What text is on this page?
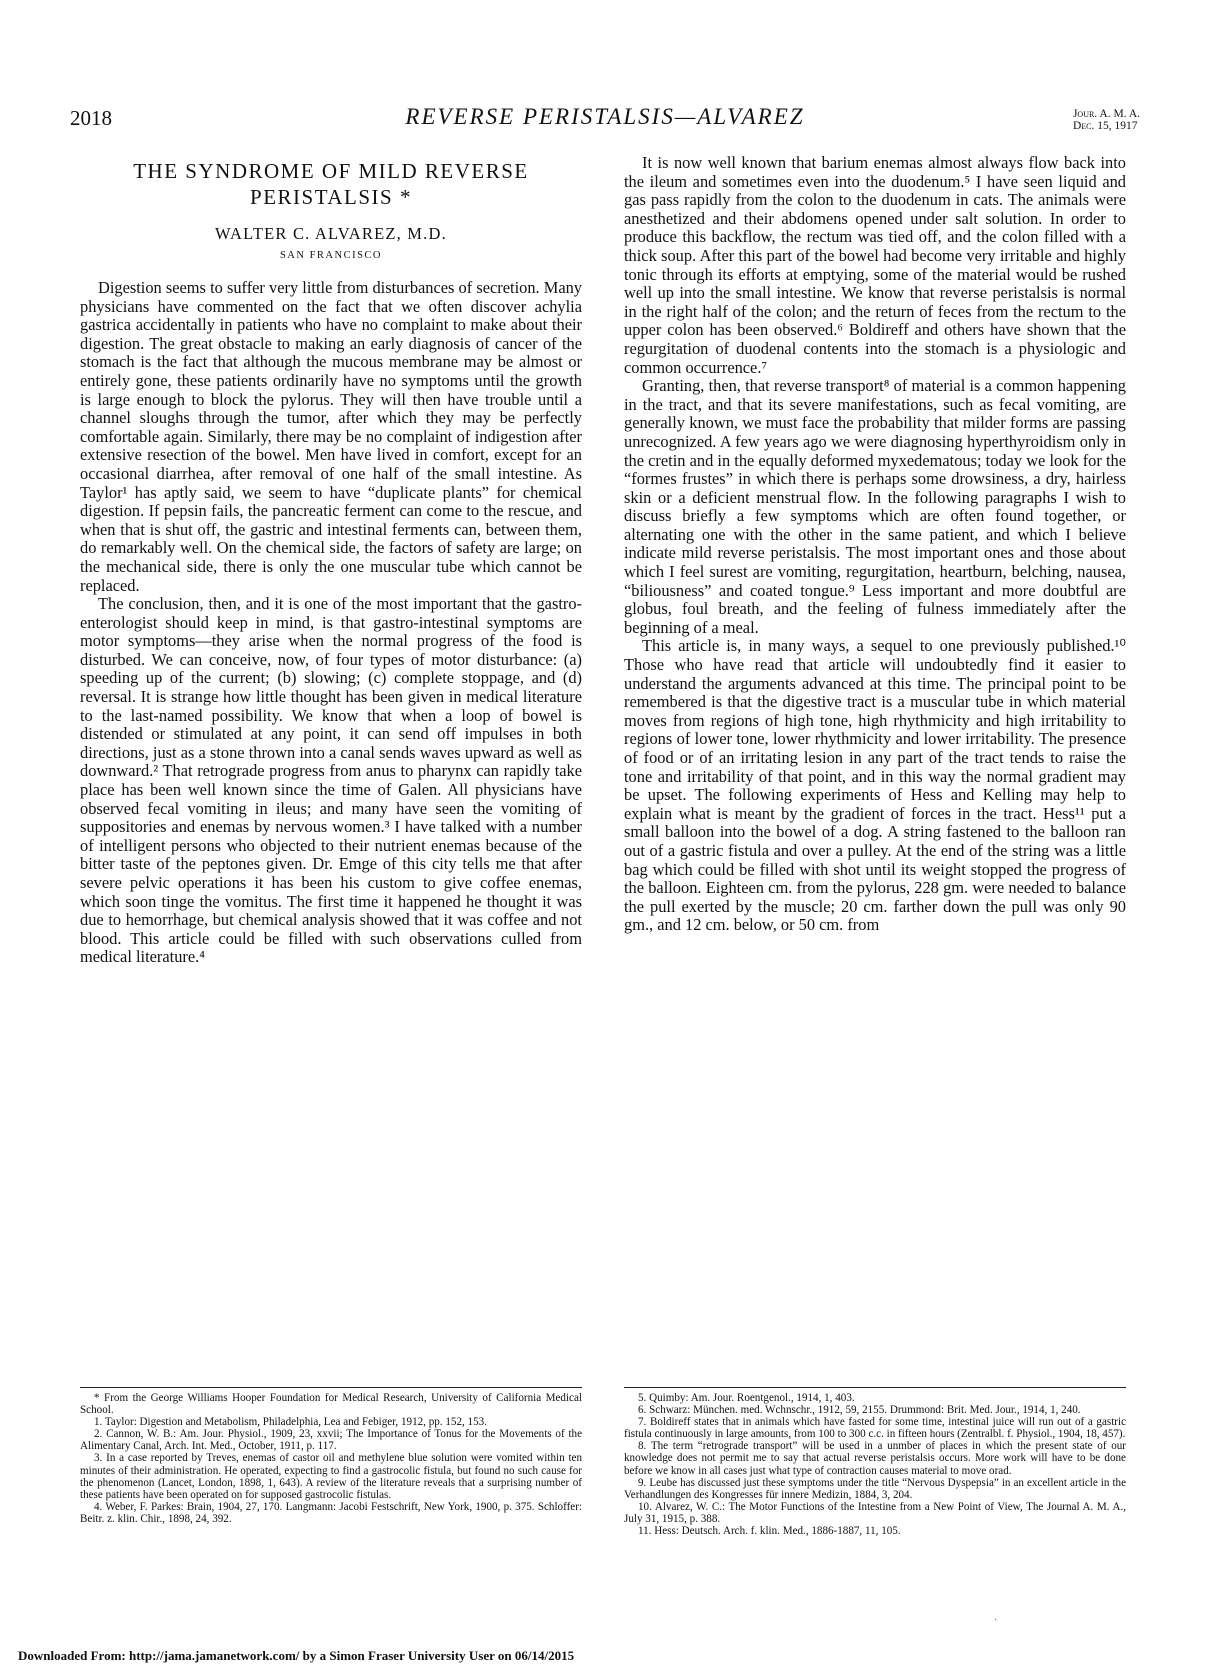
2018	REVERSE PERISTALSIS—ALVAREZ	Jour. A. M. A.
Dec. 15, 1917
THE SYNDROME OF MILD REVERSE
PERISTALSIS *
WALTER C. ALVAREZ, M.D.
SAN FRANCISCO

Digestion seems to suffer very little from disturbances of secretion. Many physicians have commented on the fact that we often discover achylia gastrica accidentally in patients who have no complaint to make about their digestion. The great obstacle to making an early diagnosis of cancer of the stomach is the fact that although the mucous membrane may be almost or entirely gone, these patients ordinarily have no symptoms until the growth is large enough to block the pylorus. They will then have trouble until a channel sloughs through the tumor, after which they may be perfectly comfortable again. Similarly, there may be no complaint of indigestion after extensive resection of the bowel. Men have lived in comfort, except for an occasional diarrhea, after removal of one half of the small intestine. As Taylor¹ has aptly said, we seem to have “duplicate plants” for chemical digestion. If pepsin fails, the pancreatic ferment can come to the rescue, and when that is shut off, the gastric and intestinal ferments can, between them, do remarkably well. On the chemical side, the factors of safety are large; on the mechanical side, there is only the one muscular tube which cannot be replaced.

The conclusion, then, and it is one of the most important that the gastro-enterologist should keep in mind, is that gastro-intestinal symptoms are motor symptoms—they arise when the normal progress of the food is disturbed. We can conceive, now, of four types of motor disturbance: (a) speeding up of the current; (b) slowing; (c) complete stoppage, and (d) reversal. It is strange how little thought has been given in medical literature to the last-named possibility. We know that when a loop of bowel is distended or stimulated at any point, it can send off impulses in both directions, just as a stone thrown into a canal sends waves upward as well as downward.² That retrograde progress from anus to pharynx can rapidly take place has been well known since the time of Galen. All physicians have observed fecal vomiting in ileus; and many have seen the vomiting of suppositories and enemas by nervous women.³ I have talked with a number of intelligent persons who objected to their nutrient enemas because of the bitter taste of the peptones given. Dr. Emge of this city tells me that after severe pelvic operations it has been his custom to give coffee enemas, which soon tinge the vomitus. The first time it happened he thought it was due to hemorrhage, but chemical analysis showed that it was coffee and not blood. This article could be filled with such observations culled from medical literature.⁴

It is now well known that barium enemas almost always flow back into the ileum and sometimes even into the duodenum.⁵ I have seen liquid and gas pass rapidly from the colon to the duodenum in cats. The animals were anesthetized and their abdomens opened under salt solution. In order to produce this backflow, the rectum was tied off, and the colon filled with a thick soup. After this part of the bowel had become very irritable and highly tonic through its efforts at emptying, some of the material would be rushed well up into the small intestine. We know that reverse peristalsis is normal in the right half of the colon; and the return of feces from the rectum to the upper colon has been observed.⁶ Boldireff and others have shown that the regurgitation of duodenal contents into the stomach is a physiologic and common occurrence.⁷

Granting, then, that reverse transport⁸ of material is a common happening in the tract, and that its severe manifestations, such as fecal vomiting, are generally known, we must face the probability that milder forms are passing unrecognized. A few years ago we were diagnosing hyperthyroidism only in the cretin and in the equally deformed myxedematous; today we look for the “formes frustes” in which there is perhaps some drowsiness, a dry, hairless skin or a deficient menstrual flow. In the following paragraphs I wish to discuss briefly a few symptoms which are often found together, or alternating one with the other in the same patient, and which I believe indicate mild reverse peristalsis. The most important ones and those about which I feel surest are vomiting, regurgitation, heartburn, belching, nausea, “biliousness” and coated tongue.⁹ Less important and more doubtful are globus, foul breath, and the feeling of fulness immediately after the beginning of a meal.

This article is, in many ways, a sequel to one previously published.¹⁰ Those who have read that article will undoubtedly find it easier to understand the arguments advanced at this time. The principal point to be remembered is that the digestive tract is a muscular tube in which material moves from regions of high tone, high rhythmicity and high irritability to regions of lower tone, lower rhythmicity and lower irritability. The presence of food or of an irritating lesion in any part of the tract tends to raise the tone and irritability of that point, and in this way the normal gradient may be upset. The following experiments of Hess and Kelling may help to explain what is meant by the gradient of forces in the tract. Hess¹¹ put a small balloon into the bowel of a dog. A string fastened to the balloon ran out of a gastric fistula and over a pulley. At the end of the string was a little bag which could be filled with shot until its weight stopped the progress of the balloon. Eighteen cm. from the pylorus, 228 gm. were needed to balance the pull exerted by the muscle; 20 cm. farther down the pull was only 90 gm., and 12 cm. below, or 50 cm. from

* From the George Williams Hooper Foundation for Medical Research, University of California Medical School.

1. Taylor: Digestion and Metabolism, Philadelphia, Lea and Febiger, 1912, pp. 152, 153.

2. Cannon, W. B.: Am. Jour. Physiol., 1909, 23, xxvii; The Importance of Tonus for the Movements of the Alimentary Canal, Arch. Int. Med., October, 1911, p. 117.

3. In a case reported by Treves, enemas of castor oil and methylene blue solution were vomited within ten minutes of their administration. He operated, expecting to find a gastrocolic fistula, but found no such cause for the phenomenon (Lancet, London, 1898, 1, 643). A review of the literature reveals that a surprising number of these patients have been operated on for supposed gastrocolic fistulas.

4. Weber, F. Parkes: Brain, 1904, 27, 170. Langmann: Jacobi Festschrift, New York, 1900, p. 375. Schloffer: Beitr. z. klin. Chir., 1898, 24, 392.

5. Quimby: Am. Jour. Roentgenol., 1914, 1, 403.

6. Schwarz: München. med. Wchnschr., 1912, 59, 2155. Drummond: Brit. Med. Jour., 1914, 1, 240.

7. Boldireff states that in animals which have fasted for some time, intestinal juice will run out of a gastric fistula continuously in large amounts, from 100 to 300 c.c. in fifteen hours (Zentralbl. f. Physiol., 1904, 18, 457).

8. The term “retrograde transport” will be used in a unmber of places in which the present state of our knowledge does not permit me to say that actual reverse peristalsis occurs. More work will have to be done before we know in all cases just what type of contraction causes material to move orad.

9. Leube has discussed just these symptoms under the title “Nervous Dyspepsia” in an excellent article in the Verhandlungen des Kongresses für innere Medizin, 1884, 3, 204.

10. Alvarez, W. C.: The Motor Functions of the Intestine from a New Point of View, The Journal A. M. A., July 31, 1915, p. 388.

11. Hess: Deutsch. Arch. f. klin. Med., 1886-1887, 11, 105.

·
Downloaded From: http://jama.jamanetwork.com/ by a Simon Fraser University User on 06/14/2015
